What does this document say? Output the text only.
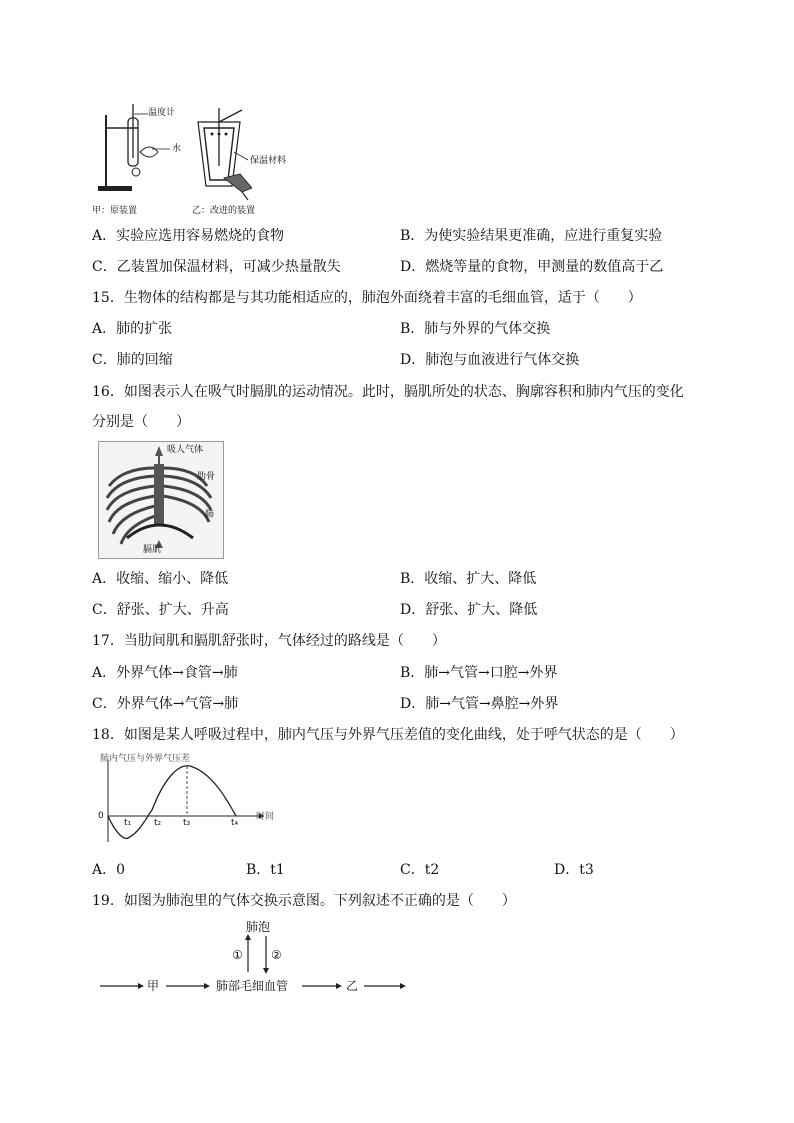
温度计
水
保温材料
甲：原装置	乙：改进的装置
A．实验应选用容易燃烧的食物	B．为使实验结果更准确，应进行重复实验
C．乙装置加保温材料，可减少热量散失	D．燃烧等量的食物，甲测量的数值高于乙
15．生物体的结构都是与其功能相适应的，肺泡外面绕着丰富的毛细血管，适于（　　）
A．肺的扩张	B．肺与外界的气体交换
C．肺的回缩	D．肺泡与血液进行气体交换
16．如图表示人在吸气时膈肌的运动情况。此时，膈肌所处的状态、胸廓容积和肺内气压的变化
分别是（　　）
吸人气体
肋骨
肺
膈肌
A．收缩、缩小、降低	B．收缩、扩大、降低
C．舒张、扩大、升高	D．舒张、扩大、降低
17．当肋间肌和膈肌舒张时，气体经过的路线是（　　）
A．外界气体→食管→肺	B．肺→气管→口腔→外界
C．外界气体→气管→肺	D．肺→气管→鼻腔→外界
18．如图是某人呼吸过程中，肺内气压与外界气压差值的变化曲线，处于呼气状态的是（　　）
肺内气压与外界气压差
0
t₁	t₂ t₃	t₄
时间
A．0	B．t1	C．t2	D．t3
19．如图为肺泡里的气体交换示意图。下列叙述不正确的是（　　）
肺泡
① ②
甲	肺部毛细血管	乙
